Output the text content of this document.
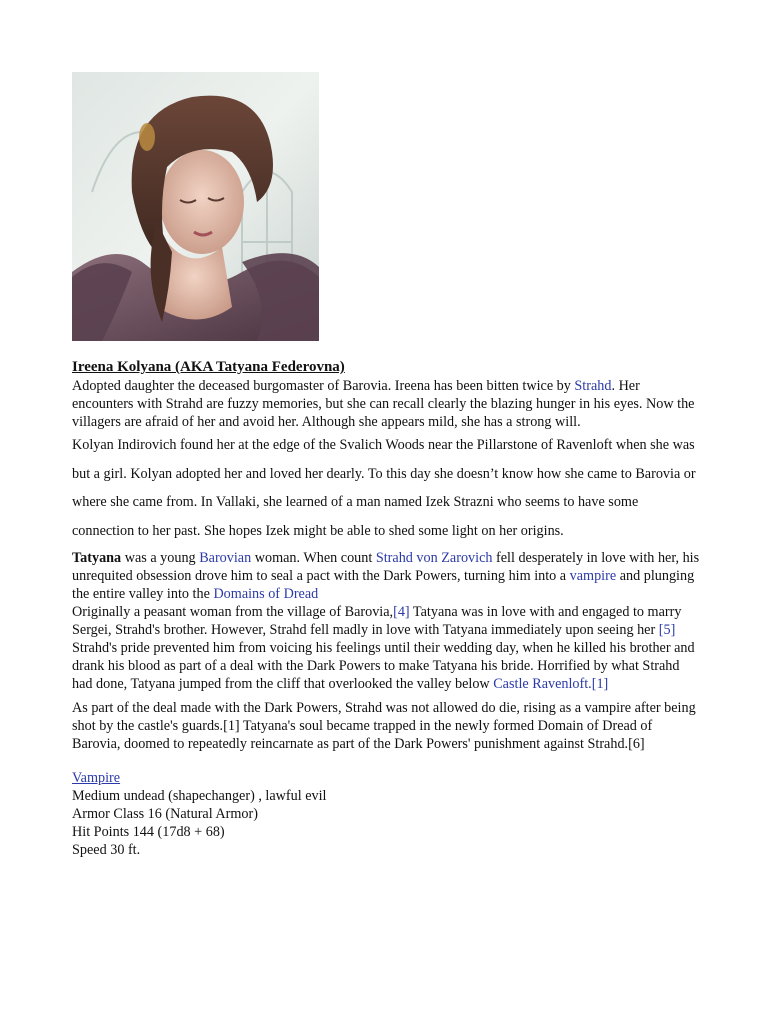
Ireena Kolyana (AKA Tatyana Federovna)

Adopted daughter the deceased burgomaster of Barovia. Ireena has been bitten twice by Strahd. Her encounters with Strahd are fuzzy memories, but she can recall clearly the blazing hunger in his eyes. Now the villagers are afraid of her and avoid her. Although she appears mild, she has a strong will.

Kolyan Indirovich found her at the edge of the Svalich Woods near the Pillarstone of Ravenloft when she was but a girl. Kolyan adopted her and loved her dearly. To this day she doesn’t know how she came to Barovia or where she came from. In Vallaki, she learned of a man named Izek Strazni who seems to have some connection to her past. She hopes Izek might be able to shed some light on her origins.

Tatyana was a young Barovian woman. When count Strahd von Zarovich fell desperately in love with her, his unrequited obsession drove him to seal a pact with the Dark Powers, turning him into a vampire and plunging the entire valley into the Domains of Dread
Originally a peasant woman from the village of Barovia,[4] Tatyana was in love with and engaged to marry Sergei, Strahd's brother. However, Strahd fell madly in love with Tatyana immediately upon seeing her [5] Strahd's pride prevented him from voicing his feelings until their wedding day, when he killed his brother and drank his blood as part of a deal with the Dark Powers to make Tatyana his bride. Horrified by what Strahd had done, Tatyana jumped from the cliff that overlooked the valley below Castle Ravenloft.[1]

As part of the deal made with the Dark Powers, Strahd was not allowed do die, rising as a vampire after being shot by the castle's guards.[1] Tatyana's soul became trapped in the newly formed Domain of Dread of Barovia, doomed to repeatedly reincarnate as part of the Dark Powers' punishment against Strahd.[6]

Vampire

Medium undead (shapechanger) , lawful evil

Armor Class 16 (Natural Armor)

Hit Points 144 (17d8 + 68)

Speed 30 ft.
